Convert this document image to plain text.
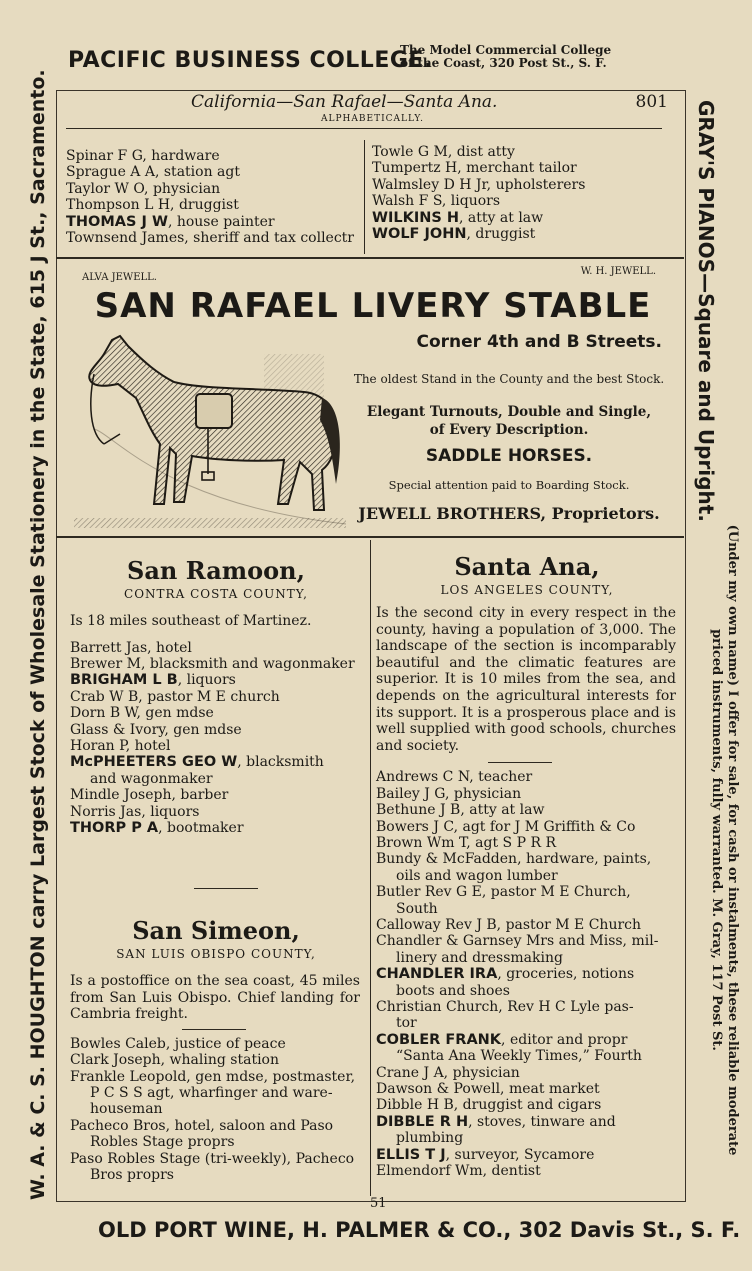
PACIFIC BUSINESS COLLEGE.
The Model Commercial College
of the Coast, 320 Post St., S. F.
W. A. & C. S. HOUGHTON carry Largest Stock of Wholesale Stationery in the State, 615 J St., Sacramento.	GRAY'S PIANOS—Square and Upright.
(Under my own name) I offer for sale, for cash or instalments, these reliable moderate priced instruments, fully warranted. M. Gray, 117 Post St.
California—San Rafael—Santa Ana.
ALPHABETICALLY.
801
Spinar F G, hardware
Sprague A A, station agt
Taylor W O, physician
Thompson L H, druggist
THOMAS J W, house painter
Townsend James, sheriff and tax collectr
Towle G M, dist atty
Tumpertz H, merchant tailor
Walmsley D H Jr, upholsterers
Walsh F S, liquors
WILKINS H, atty at law
WOLF JOHN, druggist
ALVA JEWELL.
W. H. JEWELL.
SAN RAFAEL LIVERY STABLE
Corner 4th and B Streets.
The oldest Stand in the County and the best Stock.
Elegant Turnouts, Double and Single,
of Every Description.
SADDLE HORSES.
Special attention paid to Boarding Stock.
JEWELL BROTHERS, Proprietors.
San Ramoon,
CONTRA COSTA COUNTY,
Is 18 miles southeast of Martinez.
Barrett Jas, hotel
Brewer M, blacksmith and wagonmaker
BRIGHAM L B, liquors
Crab W B, pastor M E church
Dorn B W, gen mdse
Glass & Ivory, gen mdse
Horan P, hotel
McPHEETERS GEO W, blacksmith
and wagonmaker
Mindle Joseph, barber
Norris Jas, liquors
THORP P A, bootmaker
San Simeon,
SAN LUIS OBISPO COUNTY,
Is a postoffice on the sea coast, 45 miles from San Luis Obispo. Chief landing for Cambria freight.
Bowles Caleb, justice of peace
Clark Joseph, whaling station
Frankle Leopold, gen mdse, postmaster,
P C S S agt, wharfinger and ware-
houseman
Pacheco Bros, hotel, saloon and Paso
Robles Stage proprs
Paso Robles Stage (tri-weekly), Pacheco
Bros proprs
Santa Ana,
LOS ANGELES COUNTY,
Is the second city in every respect in the county, having a population of 3,000. The landscape of the section is incomparably beautiful and the climatic features are superior. It is 10 miles from the sea, and depends on the agricultural interests for its support. It is a prosperous place and is well supplied with good schools, churches and society.
Andrews C N, teacher
Bailey J G, physician
Bethune J B, atty at law
Bowers J C, agt for J M Griffith & Co
Brown Wm T, agt S P R R
Bundy & McFadden, hardware, paints,
oils and wagon lumber
Butler Rev G E, pastor M E Church,
South
Calloway Rev J B, pastor M E Church
Chandler & Garnsey Mrs and Miss, mil-
linery and dressmaking
CHANDLER IRA, groceries, notions
boots and shoes
Christian Church, Rev H C Lyle pas-
tor
COBLER FRANK, editor and propr
“Santa Ana Weekly Times,” Fourth
Crane J A, physician
Dawson & Powell, meat market
Dibble H B, druggist and cigars
DIBBLE R H, stoves, tinware and
plumbing
ELLIS T J, surveyor, Sycamore
Elmendorf Wm, dentist
51
OLD PORT WINE, H. PALMER & CO., 302 Davis St., S. F.
